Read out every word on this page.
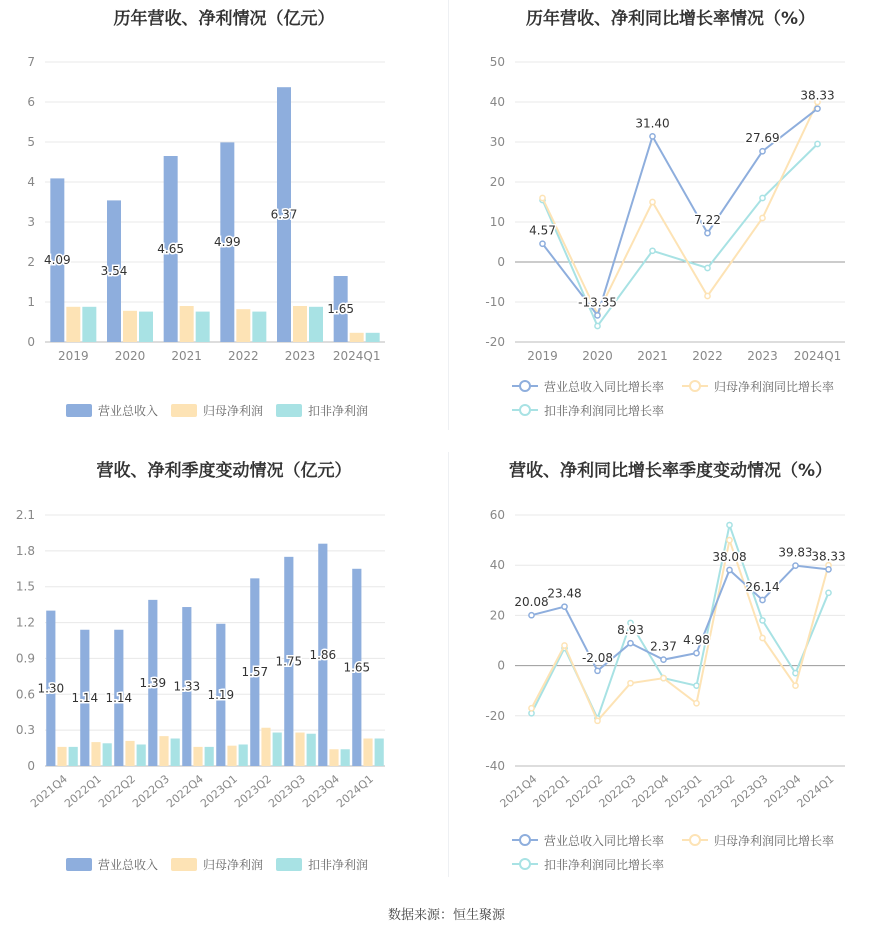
历年营收、净利情况（亿元）
0
1
2
3
4
5
6
7
2019 2020 2021 2022 2023 2024Q1
4.09
3.54
4.65 4.99
6.37
1.65
营业总收入	归母净利润	扣非净利润
历年营收、净利同比增长率情况（%）
-20
-10
0
10
20
30
40
50
2019 2020 2021 2022 2023 2024Q1
4.57
-13.35
31.40
7.22
27.69
38.33
营业总收入同比增长率	归母净利润同比增长率
扣非净利润同比增长率
营收、净利季度变动情况（亿元）
0
0.3
0.6
0.9
1.2
1.5
1.8
2.1
2021Q4
2022Q1
2022Q2
2022Q3
2022Q4
2023Q1
2023Q2
2023Q3
2023Q4
2024Q1
1.30
1.14 1.14
1.39 1.33
1.19
1.57
1.75 1.86
1.65
营业总收入	归母净利润	扣非净利润
营收、净利同比增长率季度变动情况（%）
-40
-20
0
20
40
60
2021Q4
2022Q1
2022Q2
2022Q3
2022Q4
2023Q1
2023Q2
2023Q3
2023Q4
2024Q1
20.08
23.48
-2.08
8.93
2.37 4.98
38.08
26.14
39.83
38.33
营业总收入同比增长率	归母净利润同比增长率
扣非净利润同比增长率
数据来源：恒生聚源
